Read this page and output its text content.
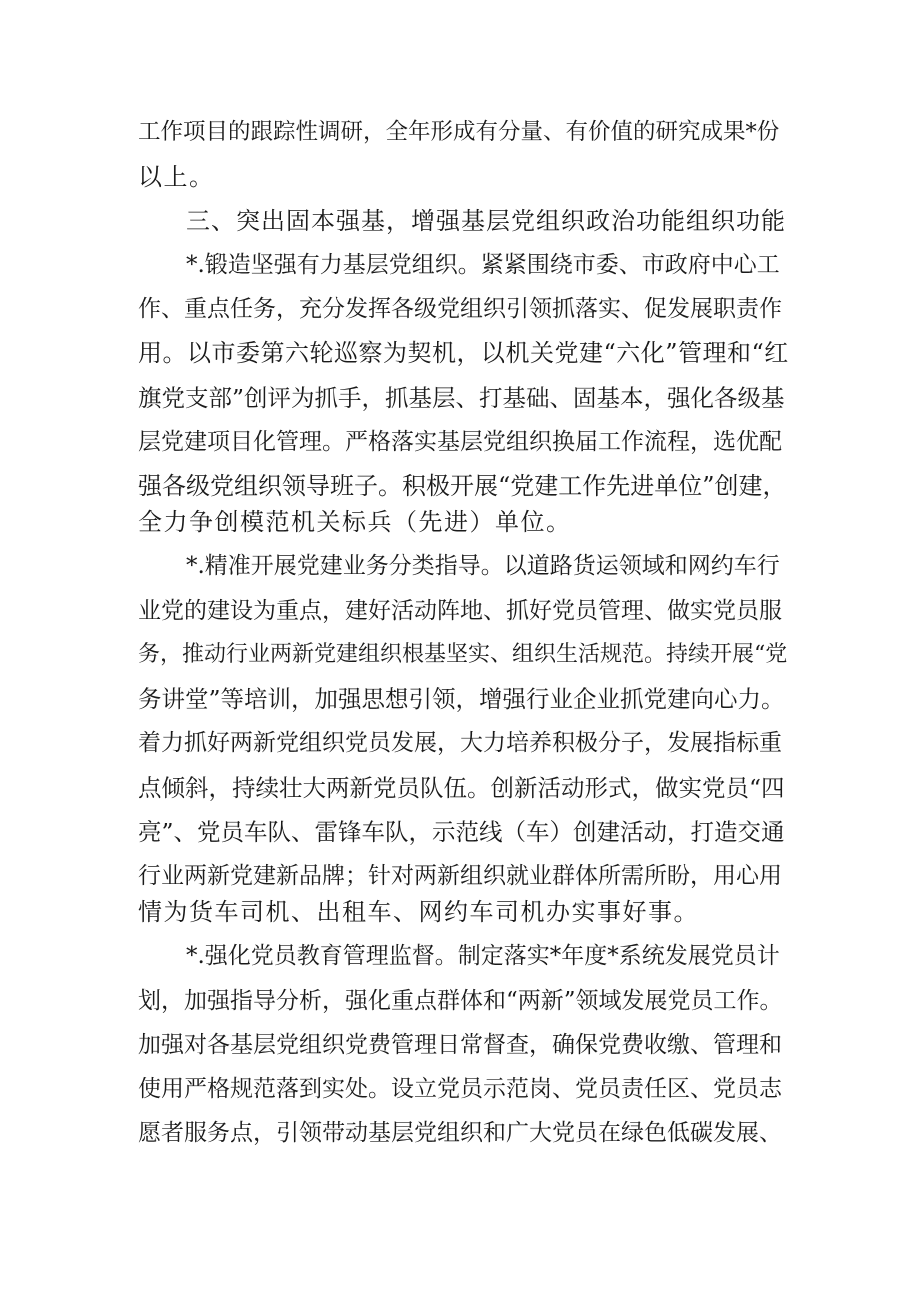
工作项目的跟踪性调研，全年形成有分量、有价值的研究成果*份
以上。
三、突出固本强基，增强基层党组织政治功能组织功能
*.锻造坚强有力基层党组织。紧紧围绕市委、市政府中心工
作、重点任务，充分发挥各级党组织引领抓落实、促发展职责作
用。以市委第六轮巡察为契机，以机关党建“六化”管理和“红
旗党支部”创评为抓手，抓基层、打基础、固基本，强化各级基
层党建项目化管理。严格落实基层党组织换届工作流程，选优配
强各级党组织领导班子。积极开展“党建工作先进单位”创建，
全力争创模范机关标兵（先进）单位。
*.精准开展党建业务分类指导。以道路货运领域和网约车行
业党的建设为重点，建好活动阵地、抓好党员管理、做实党员服
务，推动行业两新党建组织根基坚实、组织生活规范。持续开展“党
务讲堂”等培训，加强思想引领，增强行业企业抓党建向心力。
着力抓好两新党组织党员发展，大力培养积极分子，发展指标重
点倾斜，持续壮大两新党员队伍。创新活动形式，做实党员“四
亮”、党员车队、雷锋车队，示范线（车）创建活动，打造交通
行业两新党建新品牌；针对两新组织就业群体所需所盼，用心用
情为货车司机、出租车、网约车司机办实事好事。
*.强化党员教育管理监督。制定落实*年度*系统发展党员计
划，加强指导分析，强化重点群体和“两新”领域发展党员工作。
加强对各基层党组织党费管理日常督查，确保党费收缴、管理和
使用严格规范落到实处。设立党员示范岗、党员责任区、党员志
愿者服务点，引领带动基层党组织和广大党员在绿色低碳发展、
